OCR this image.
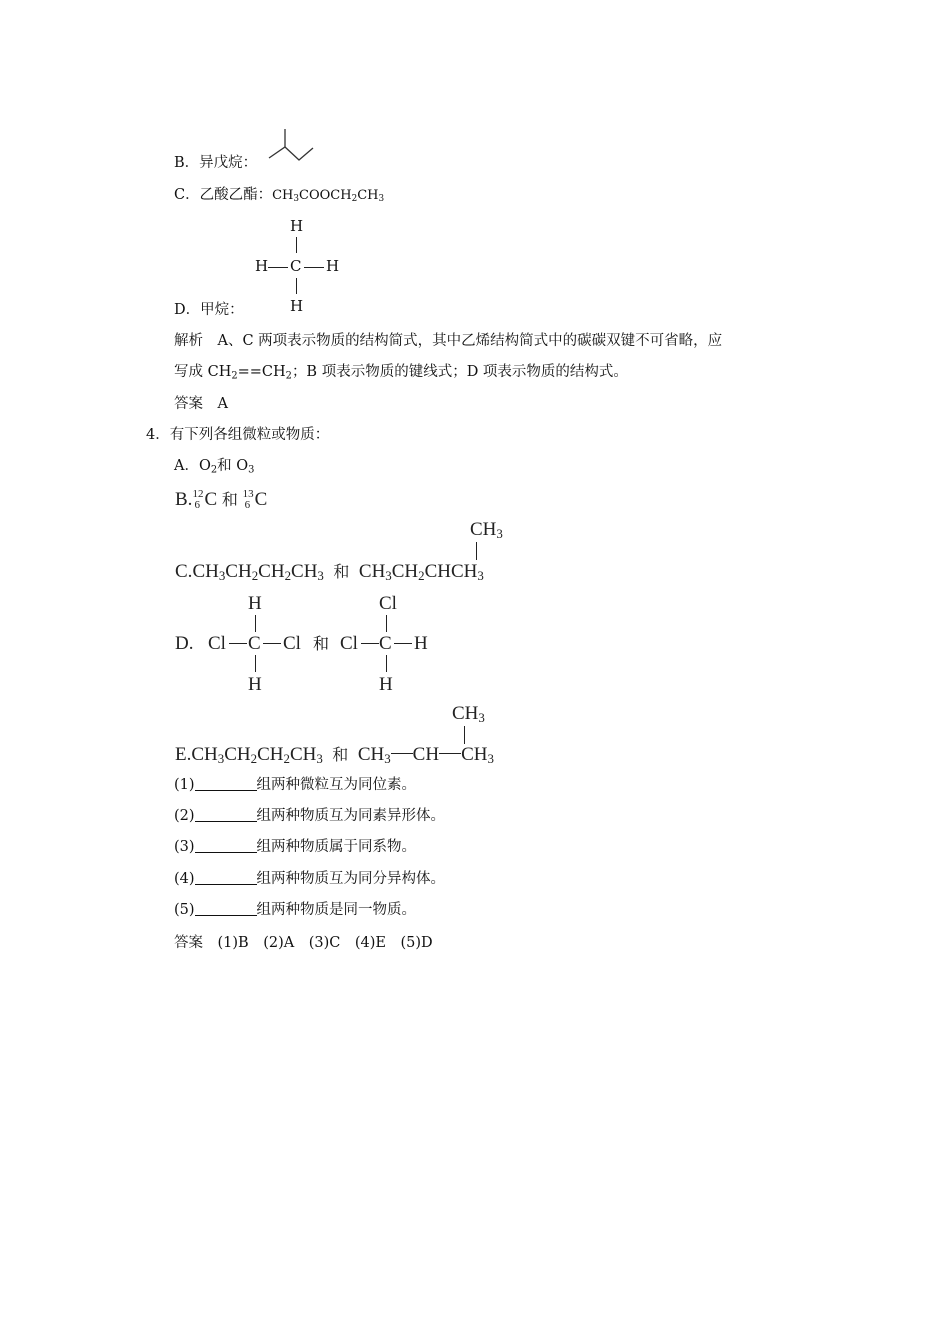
B．异戊烷：
C．乙酸乙酯：$CH_3COOCH_2CH_3$
H
H C H
H
D．甲烷：
解析　A、C 两项表示物质的结构简式，其中乙烯结构简式中的碳碳双键不可省略，应
写成 $CH_2==CH_2$；B 项表示物质的键线式；D 项表示物质的结构式。
答案　A
4．有下列各组微粒或物质：
A．$O_2$和 $O_3$
B. 12
6 C 和 13
6 C
$CH_3$
$C.CH_3CH_2CH_2CH_3$ 和 $CH_3CH_2CHCH_3$
D.
H
Cl C Cl
H
和
Cl
Cl C H
H
$CH_3$
$E.CH_3CH_2CH_2CH_3$ 和 $CH_3$ CH $CH_3$
(1)	组两种微粒互为同位素。
(2)	组两种物质互为同素异形体。
(3)	组两种物质属于同系物。
(4)	组两种物质互为同分异构体。
(5)	组两种物质是同一物质。
答案　(1)B　(2)A　(3)C　(4)E　(5)D
